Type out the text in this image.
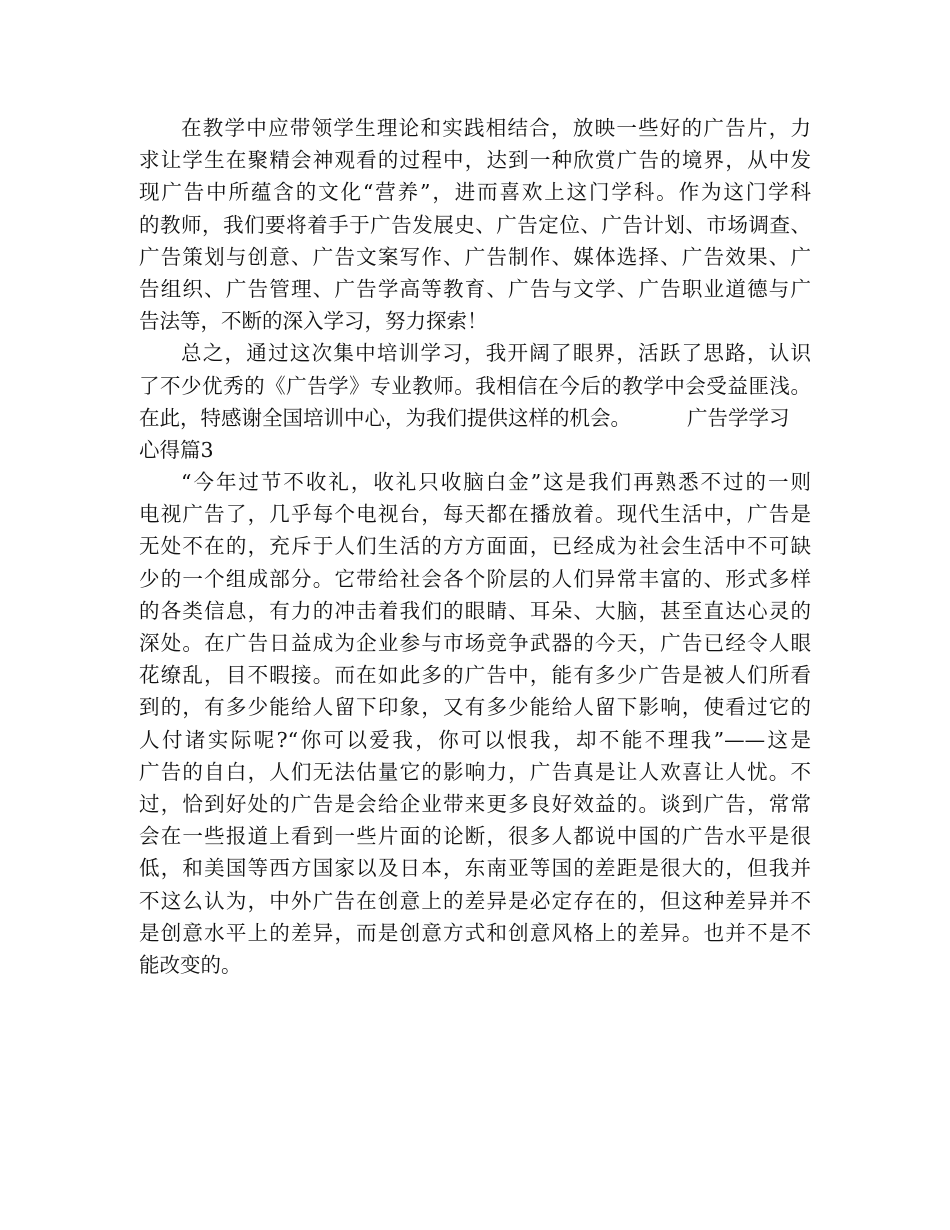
在教学中应带领学生理论和实践相结合，放映一些好的广告片，力
求让学生在聚精会神观看的过程中，达到一种欣赏广告的境界，从中发
现广告中所蕴含的文化“营养”，进而喜欢上这门学科。作为这门学科
的教师，我们要将着手于广告发展史、广告定位、广告计划、市场调查、
广告策划与创意、广告文案写作、广告制作、媒体选择、广告效果、广
告组织、广告管理、广告学高等教育、广告与文学、广告职业道德与广
告法等，不断的深入学习，努力探索！
总之，通过这次集中培训学习，我开阔了眼界，活跃了思路，认识
了不少优秀的《广告学》专业教师。我相信在今后的教学中会受益匪浅。
在此，特感谢全国培训中心，为我们提供这样的机会。	广告学学习
心得篇3
“今年过节不收礼，收礼只收脑白金”这是我们再熟悉不过的一则
电视广告了，几乎每个电视台，每天都在播放着。现代生活中，广告是
无处不在的，充斥于人们生活的方方面面，已经成为社会生活中不可缺
少的一个组成部分。它带给社会各个阶层的人们异常丰富的、形式多样
的各类信息，有力的冲击着我们的眼睛、耳朵、大脑，甚至直达心灵的
深处。在广告日益成为企业参与市场竞争武器的今天，广告已经令人眼
花缭乱，目不暇接。而在如此多的广告中，能有多少广告是被人们所看
到的，有多少能给人留下印象，又有多少能给人留下影响，使看过它的
人付诸实际呢?“你可以爱我，你可以恨我，却不能不理我”——这是
广告的自白，人们无法估量它的影响力，广告真是让人欢喜让人忧。不
过，恰到好处的广告是会给企业带来更多良好效益的。谈到广告，常常
会在一些报道上看到一些片面的论断，很多人都说中国的广告水平是很
低，和美国等西方国家以及日本，东南亚等国的差距是很大的，但我并
不这么认为，中外广告在创意上的差异是必定存在的，但这种差异并不
是创意水平上的差异，而是创意方式和创意风格上的差异。也并不是不
能改变的。
